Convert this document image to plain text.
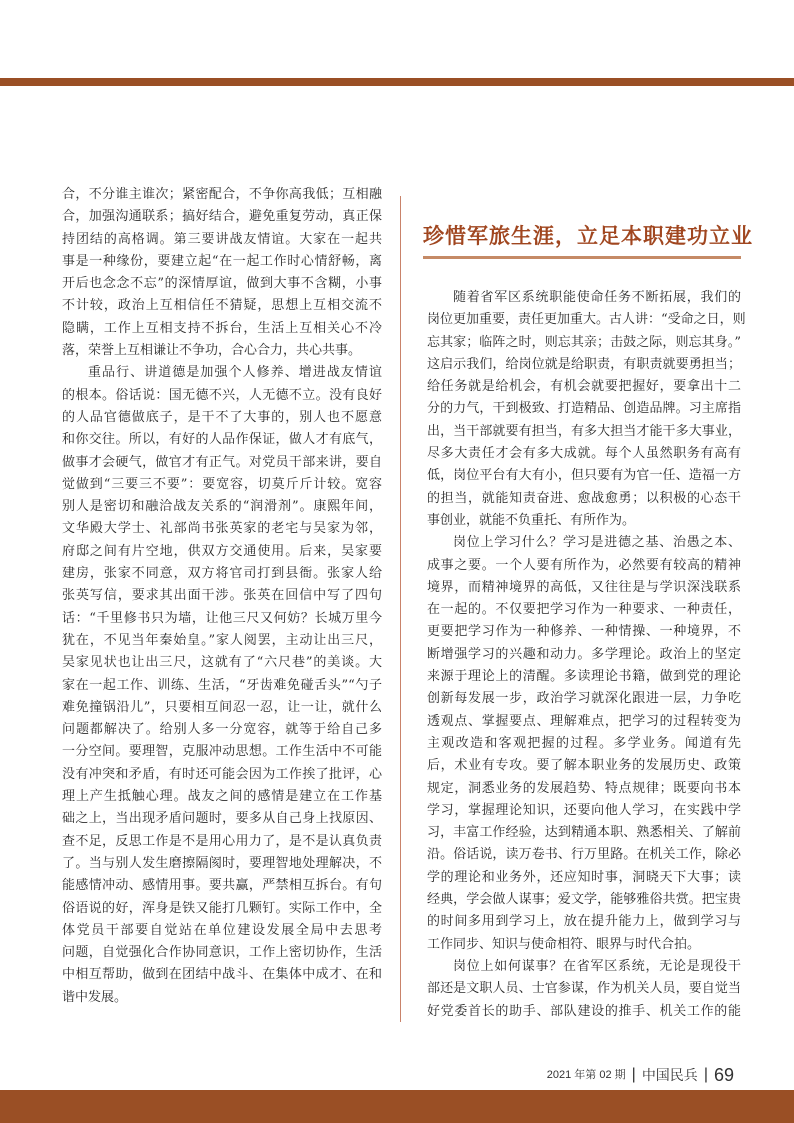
合，不分谁主谁次；紧密配合，不争你高我低；互相融
合，加强沟通联系；搞好结合，避免重复劳动，真正保
持团结的高格调。第三要讲战友情谊。大家在一起共
事是一种缘份，要建立起“在一起工作时心情舒畅，离
开后也念念不忘”的深情厚谊，做到大事不含糊，小事
不计较，政治上互相信任不猜疑，思想上互相交流不
隐瞒，工作上互相支持不拆台，生活上互相关心不冷
落，荣誉上互相谦让不争功，合心合力，共心共事。
重品行、讲道德是加强个人修养、增进战友情谊
的根本。俗话说：国无德不兴，人无德不立。没有良好
的人品官德做底子，是干不了大事的，别人也不愿意
和你交往。所以，有好的人品作保证，做人才有底气，
做事才会硬气，做官才有正气。对党员干部来讲，要自
觉做到“三要三不要”：要宽容，切莫斤斤计较。宽容
别人是密切和融洽战友关系的“润滑剂”。康熙年间，
文华殿大学士、礼部尚书张英家的老宅与吴家为邻，
府邸之间有片空地，供双方交通使用。后来，吴家要
建房，张家不同意，双方将官司打到县衙。张家人给
张英写信，要求其出面干涉。张英在回信中写了四句
话：“千里修书只为墙，让他三尺又何妨？长城万里今
犹在，不见当年秦始皇。”家人阅罢，主动让出三尺，
吴家见状也让出三尺，这就有了“六尺巷”的美谈。大
家在一起工作、训练、生活，“牙齿难免碰舌头”“勺子
难免撞锅沿儿”，只要相互间忍一忍，让一让，就什么
问题都解决了。给别人多一分宽容，就等于给自己多
一分空间。要理智，克服冲动思想。工作生活中不可能
没有冲突和矛盾，有时还可能会因为工作挨了批评，心
理上产生抵触心理。战友之间的感情是建立在工作基
础之上，当出现矛盾问题时，要多从自己身上找原因、
查不足，反思工作是不是用心用力了，是不是认真负责
了。当与别人发生磨擦隔阂时，要理智地处理解决，不
能感情冲动、感情用事。要共赢，严禁相互拆台。有句
俗语说的好，浑身是铁又能打几颗钉。实际工作中，全
体党员干部要自觉站在单位建设发展全局中去思考
问题，自觉强化合作协同意识，工作上密切协作，生活
中相互帮助，做到在团结中战斗、在集体中成才、在和
谐中发展。
珍惜军旅生涯，立足本职建功立业
随着省军区系统职能使命任务不断拓展，我们的
岗位更加重要，责任更加重大。古人讲：“受命之日，则
忘其家；临阵之时，则忘其亲；击鼓之际，则忘其身。”
这启示我们，给岗位就是给职责，有职责就要勇担当；
给任务就是给机会，有机会就要把握好，要拿出十二
分的力气，干到极致、打造精品、创造品牌。习主席指
出，当干部就要有担当，有多大担当才能干多大事业，
尽多大责任才会有多大成就。每个人虽然职务有高有
低，岗位平台有大有小，但只要有为官一任、造福一方
的担当，就能知责奋进、愈战愈勇；以积极的心态干
事创业，就能不负重托、有所作为。
岗位上学习什么？学习是进德之基、治愚之本、
成事之要。一个人要有所作为，必然要有较高的精神
境界，而精神境界的高低，又往往是与学识深浅联系
在一起的。不仅要把学习作为一种要求、一种责任，
更要把学习作为一种修养、一种情操、一种境界，不
断增强学习的兴趣和动力。多学理论。政治上的坚定
来源于理论上的清醒。多读理论书籍，做到党的理论
创新每发展一步，政治学习就深化跟进一层，力争吃
透观点、掌握要点、理解难点，把学习的过程转变为
主观改造和客观把握的过程。多学业务。闻道有先
后，术业有专攻。要了解本职业务的发展历史、政策
规定，洞悉业务的发展趋势、特点规律；既要向书本
学习，掌握理论知识，还要向他人学习，在实践中学
习，丰富工作经验，达到精通本职、熟悉相关、了解前
沿。俗话说，读万卷书、行万里路。在机关工作，除必
学的理论和业务外，还应知时事，洞晓天下大事；读
经典，学会做人谋事；爱文学，能够雅俗共赏。把宝贵
的时间多用到学习上，放在提升能力上，做到学习与
工作同步、知识与使命相符、眼界与时代合拍。
岗位上如何谋事？在省军区系统，无论是现役干
部还是文职人员、士官参谋，作为机关人员，要自觉当
好党委首长的助手、部队建设的推手、机关工作的能
2021 年第 02 期 | 中国民兵 | 69
